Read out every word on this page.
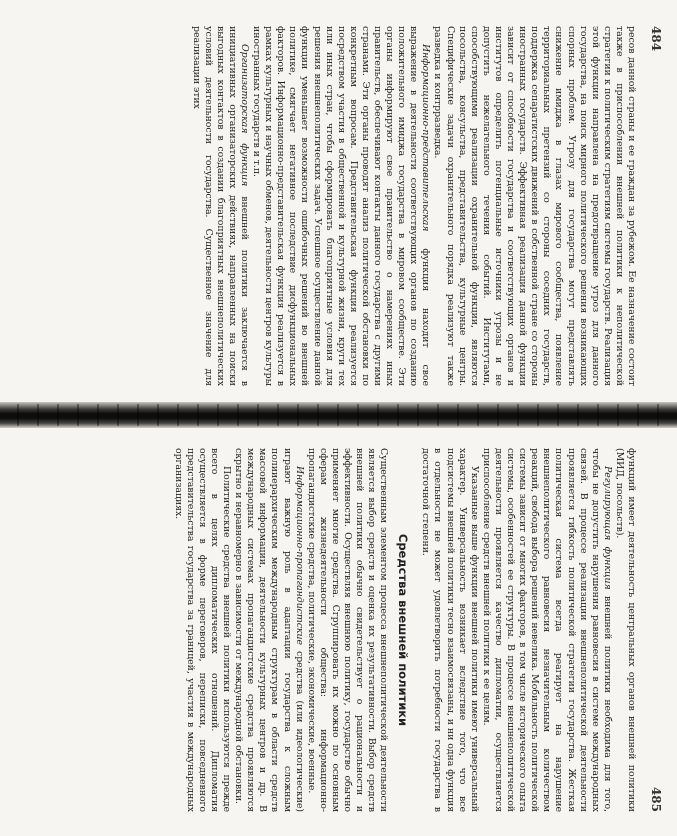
484

ресов данной страны и ее граждан за рубежом. Ее назначение состоит также в приспособлении внешней политики к неполитической стратегии к политическим стратегиям системы государств. Реализация этой функции направлена на предотвращение угроз для данного государства, на поиск мирного политического решения возникающих спорных проблем. Угрозу для государства могут представлять снижение имиджа в глазах мирового сообщества, появление территориальных претензий со стороны соседних государств, поддержка сепаратистских движений в собственной стране со стороны иностранных государств. Эффективная реализация данной функции зависит от способности государства и соответствующих органов и институтов определить потенциальные источники угрозы и не допустить нежелательного течения событий. Институтами, способствующими реализации охранительной функции, являются посольства, консульства, представительства, культурные центры. Специфические задачи охранительного порядка реализуют также разведка и контрразведка.

Информационно-представительская функция находит свое выражение в деятельности соответствующих органов по созданию положительного имиджа государства в мировом сообществе. Эти органы информируют свое правительство о намерениях иных правительств, обеспечивают контакты данного государства с другими странами. Эти органы проводят анализ политической обстановки по конкретным вопросам. Представительская функция реализуется посредством участия в общественной и культурной жизни, круги тех или иных стран, чтобы сформировать благоприятные условия для решения внешнеполитических задач. Успешное осуществление данной функции уменьшает возможности ошибочных решений во внешней политике, смягчает негативное последствие дисфункциональных факторов. Информационно-представительская функция реализуется в рамках культурных и научных обменов, деятельности центров культуры иностранных государств и т.п.

Организаторская функция внешней политики заключается в инициативных организаторских действиях, направленных на поиски выгодных контактов в создании благоприятных внешнеполитических условий деятельности государства. Существенное значение для реализации этих

485

функций имеет деятельность центральных органов внешней политики (МИД, посольств).

Регулирующая функция внешней политики необходима для того, чтобы не допустить нарушения равновесия в системе международных связей. В процессе реализации внешнеполитической деятельности проявляется гибкость политической стратегии государства. Жесткая политическая система всегда реагирует на нарушение внешнеполитического равновесия незначительным количеством реакций, свобода выбора решений невелика. Мобильность политической системы зависит от многих факторов, в том числе исторического опыта системы, особенностей ее структуры. В процессе внешнеполитической деятельности проявляется качество дипломатии, осуществляется приспособление средств внешней политики к ее целям.

Указанные выше функции внешней политики имеют универсальный характер. Универсальность возникает вследствие того, что все подсистемы внешней политики тесно взаимосвязаны, и ни одна функция в отдельности не может удовлетворить потребности государства в достаточной степени.

Средства внешней политики

Существенным элементом процесса внешнеполитической деятельности является выбор средств и оценка их результативности. Выбор средств внешней политики обычно свидетельствует о рациональности и эффективности. Осуществляя внешнюю политику, государство обычно применяет многие средства. Сгруппировать их можно по основным сферам жизнедеятельности общества: информационно-пропагандистские средства, политические, экономические, военные.

Информационно-пропагандистские средства (или идеологические) играют важную роль в адаптации государства к сложным полииерархическим международным структурам в области средств массовой информации, деятельности культурных центров и др. В международных системах пропагандистские средства проявляются скрытно и неравномерно в зависимости от международной обстановки.

Политические средства внешней политики используются прежде всего в целях дипломатических отношений. Дипломатия осуществляется в форме переговоров, переписки, повседневного представительства государства за границей, участия в международных организациях.
